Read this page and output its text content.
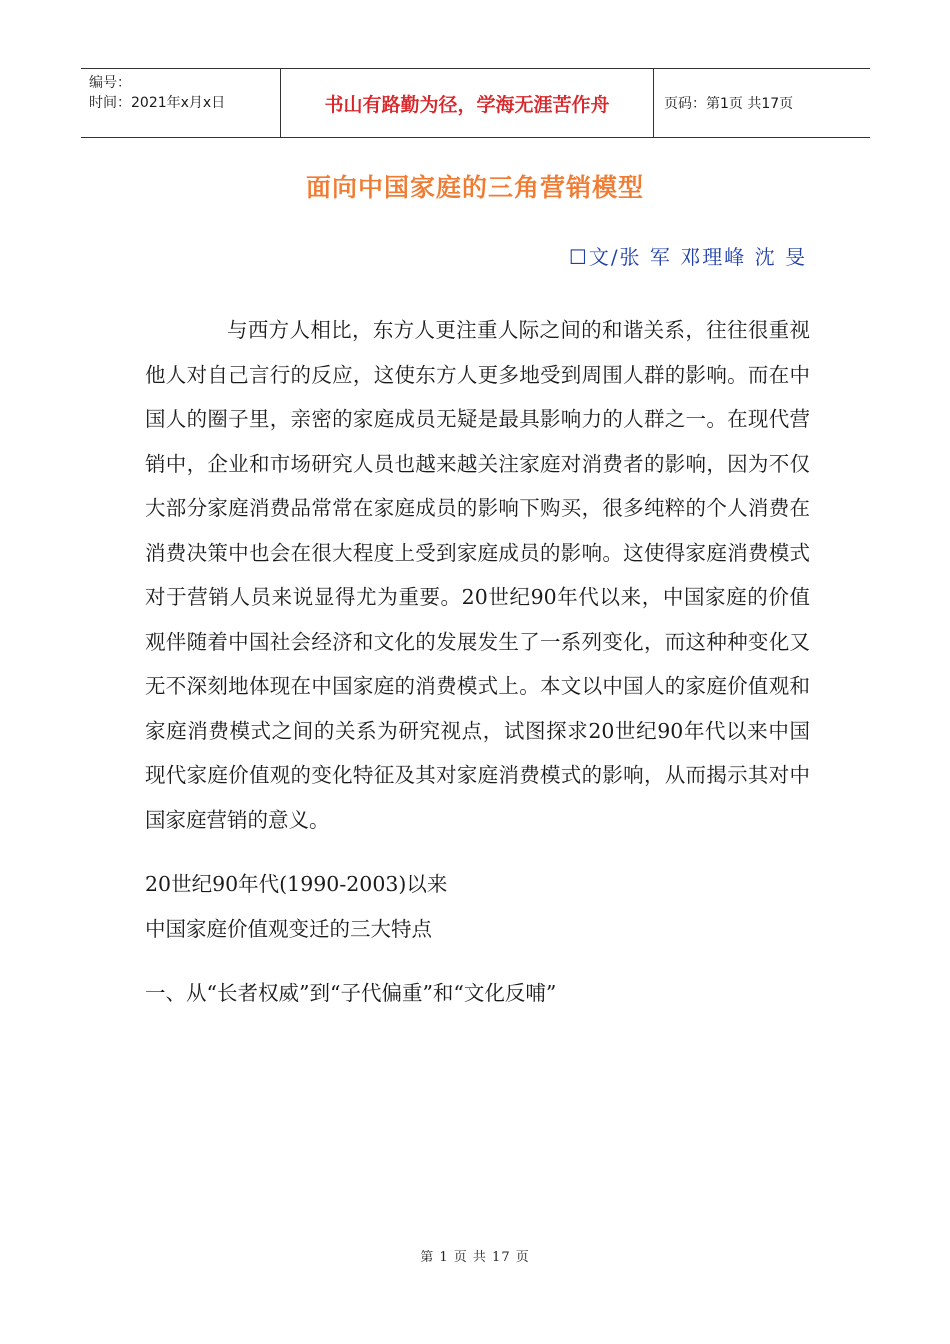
编号：
时间：2021年x月x日	书山有路勤为径，学海无涯苦作舟	页码：第1页 共17页
面向中国家庭的三角营销模型
☐文/张 军 邓理峰 沈 旻

与西方人相比，东方人更注重人际之间的和谐关系，往往很重视他人对自己言行的反应，这使东方人更多地受到周围人群的影响。而在中国人的圈子里，亲密的家庭成员无疑是最具影响力的人群之一。在现代营销中，企业和市场研究人员也越来越关注家庭对消费者的影响，因为不仅大部分家庭消费品常常在家庭成员的影响下购买，很多纯粹的个人消费在消费决策中也会在很大程度上受到家庭成员的影响。这使得家庭消费模式对于营销人员来说显得尤为重要。20世纪90年代以来，中国家庭的价值观伴随着中国社会经济和文化的发展发生了一系列变化，而这种种变化又无不深刻地体现在中国家庭的消费模式上。本文以中国人的家庭价值观和家庭消费模式之间的关系为研究视点，试图探求20世纪90年代以来中国现代家庭价值观的变化特征及其对家庭消费模式的影响，从而揭示其对中国家庭营销的意义。

20世纪90年代(1990-2003)以来

中国家庭价值观变迁的三大特点

一、从“长者权威”到“子代偏重”和“文化反哺”

第 1 页 共 17 页
